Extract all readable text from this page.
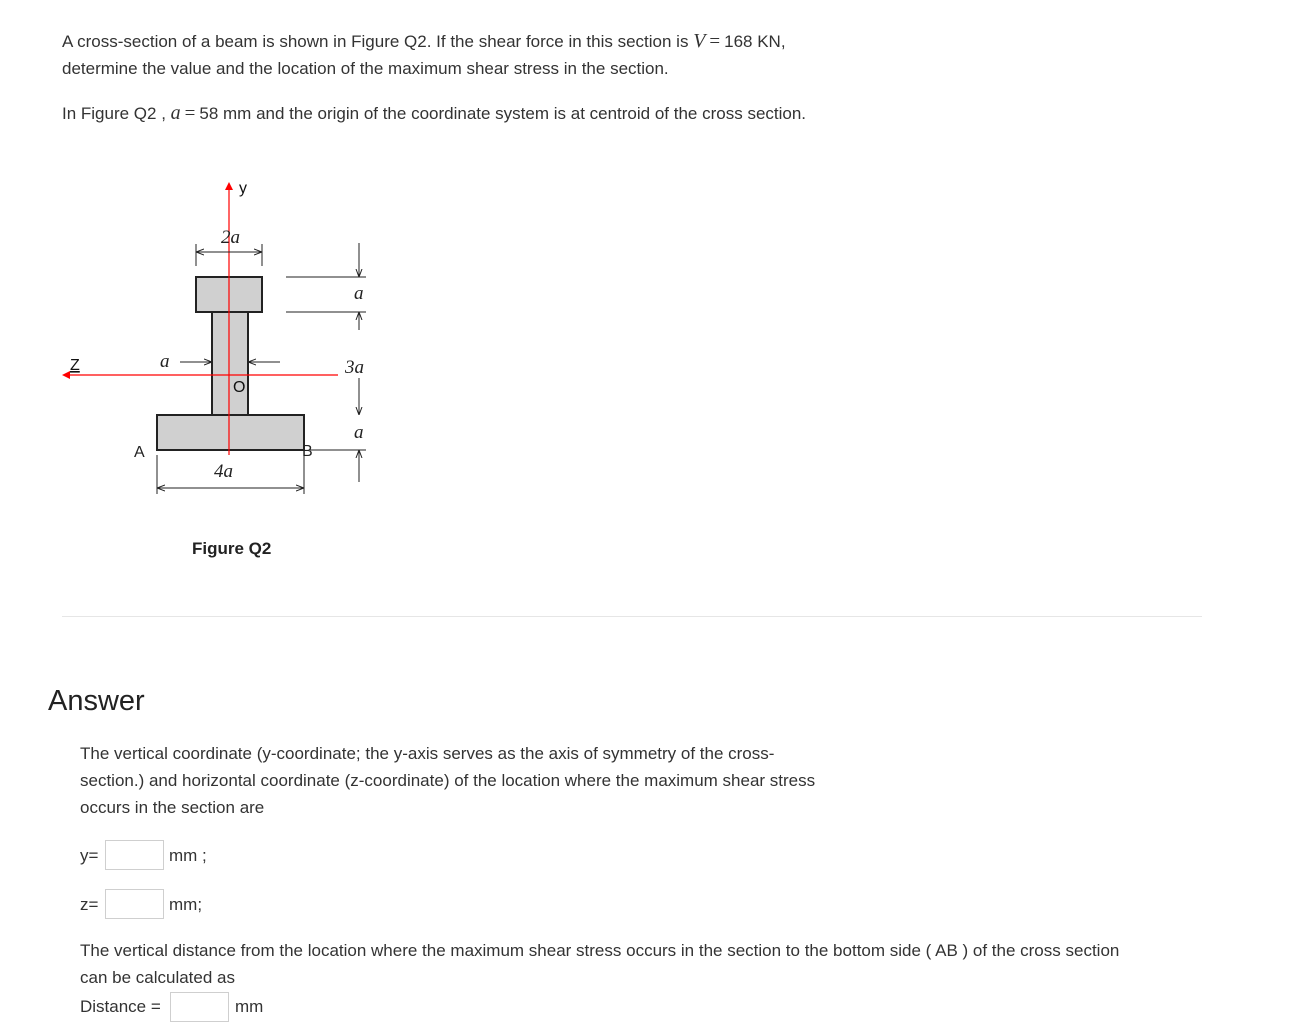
A cross-section of a beam is shown in Figure Q2. If the shear force in this section is V = 168 KN,
determine the value and the location of the maximum shear stress in the section.
In Figure Q2 , a = 58 mm and the origin of the coordinate system is at centroid of the cross section.
y
Z
O
2a
a
a
3a
a
4a
A	B
Figure Q2
Answer
The vertical coordinate (y-coordinate; the y-axis serves as the axis of symmetry of the cross-
section.) and horizontal coordinate (z-coordinate) of the location where the maximum shear stress
occurs in the section are
y=	mm ;
z=	mm;
The vertical distance from the location where the maximum shear stress occurs in the section to the bottom side ( AB ) of the cross section
can be calculated as
Distance =	mm
